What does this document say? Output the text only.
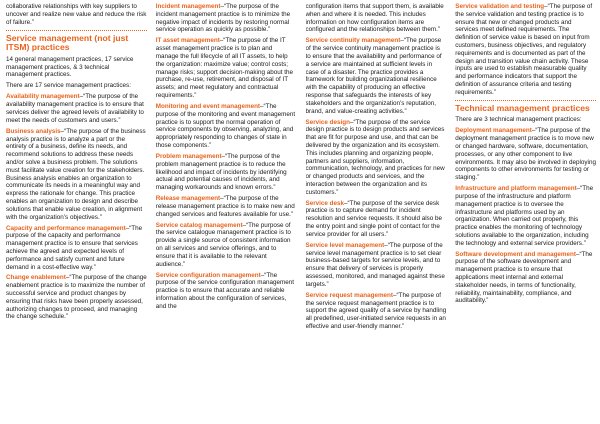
collaborative relationships with key suppliers to uncover and realize new value and reduce the risk of failure.”

Service management (not just ITSM) practices

14 general management practices, 17 service management practices, & 3 technical management practices.

There are 17 service management practices:

Availability management–“The purpose of the availability management practice is to ensure that services deliver the agreed levels of availability to meet the needs of customers and users.”

Business analysis–“The purpose of the business analysis practice is to analyze a part or the entirety of a business, define its needs, and recommend solutions to address these needs and/or solve a business problem. The solutions must facilitate value creation for the stakeholders. Business analysis enables an organization to communicate its needs in a meaningful way and express the rationale for change. This practice enables an organization to design and describe solutions that enable value creation, in alignment with the organization’s objectives.”

Capacity and performance management–“The purpose of the capacity and performance management practice is to ensure that services achieve the agreed and expected levels of performance and satisfy current and future demand in a cost-effective way.”

Change enablement–“The purpose of the change enablement practice is to maximize the number of successful service and product changes by ensuring that risks have been properly assessed, authorizing changes to proceed, and managing the change schedule.”

Incident management–“The purpose of the incident management practice is to minimize the negative impact of incidents by restoring normal service operation as quickly as possible.”

IT asset management–“The purpose of the IT asset management practice is to plan and manage the full lifecycle of all IT assets, to help the organization: maximize value; control costs; manage risks; support decision-making about the purchase, re-use, retirement, and disposal of IT assets; and meet regulatory and contractual requirements.”

Monitoring and event management–“The purpose of the monitoring and event management practice is to support the normal operation of service components by observing, analyzing, and appropriately responding to changes of state in those components.”

Problem management–“The purpose of the problem management practice is to reduce the likelihood and impact of incidents by identifying actual and potential causes of incidents, and managing workarounds and known errors.”

Release management–“The purpose of the release management practice is to make new and changed services and features available for use.”

Service catalog management–“The purpose of the service catalogue management practice is to provide a single source of consistent information on all services and service offerings, and to ensure that it is available to the relevant audience.”

Service configuration management–“The purpose of the service configuration management practice is to ensure that accurate and reliable information about the configuration of services, and the

configuration items that support them, is available when and where it is needed. This includes information on how configuration items are configured and the relationships between them.”

Service continuity management–“The purpose of the service continuity management practice is to ensure that the availability and performance of a service are maintained at sufficient levels in case of a disaster. The practice provides a framework for building organizational resilience with the capability of producing an effective response that safeguards the interests of key stakeholders and the organization’s reputation, brand, and value-creating activities.”

Service design–“The purpose of the service design practice is to design products and services that are fit for purpose and use, and that can be delivered by the organization and its ecosystem. This includes planning and organizing people, partners and suppliers, information, communication, technology, and practices for new or changed products and services, and the interaction between the organization and its customers.”

Service desk–“The purpose of the service desk practice is to capture demand for incident resolution and service requests. It should also be the entry point and single point of contact for the service provider for all users.”

Service level management–“The purpose of the service level management practice is to set clear business-based targets for service levels, and to ensure that delivery of services is properly assessed, monitored, and managed against these targets.”

Service request management–“The purpose of the service request management practice is to support the agreed quality of a service by handling all predefined, user-initiated service requests in an effective and user-friendly manner.”

Service validation and testing–“The purpose of the service validation and testing practice is to ensure that new or changed products and services meet defined requirements. The definition of service value is based on input from customers, business objectives, and regulatory requirements and is documented as part of the design and transition value chain activity. These inputs are used to establish measurable quality and performance indicators that support the definition of assurance criteria and testing requirements.”

Technical management practices

There are 3 technical management practices:

Deployment management–“The purpose of the deployment management practice is to move new or changed hardware, software, documentation, processes, or any other component to live environments. It may also be involved in deploying components to other environments for testing or staging.”

Infrastructure and platform management–“The purpose of the infrastructure and platform management practice is to oversee the infrastructure and platforms used by an organization. When carried out properly, this practice enables the monitoring of technology solutions available to the organization, including the technology and external service providers.”

Software development and management–“The purpose of the software development and management practice is to ensure that applications meet internal and external stakeholder needs, in terms of functionality, reliability, maintainability, compliance, and auditability.”
